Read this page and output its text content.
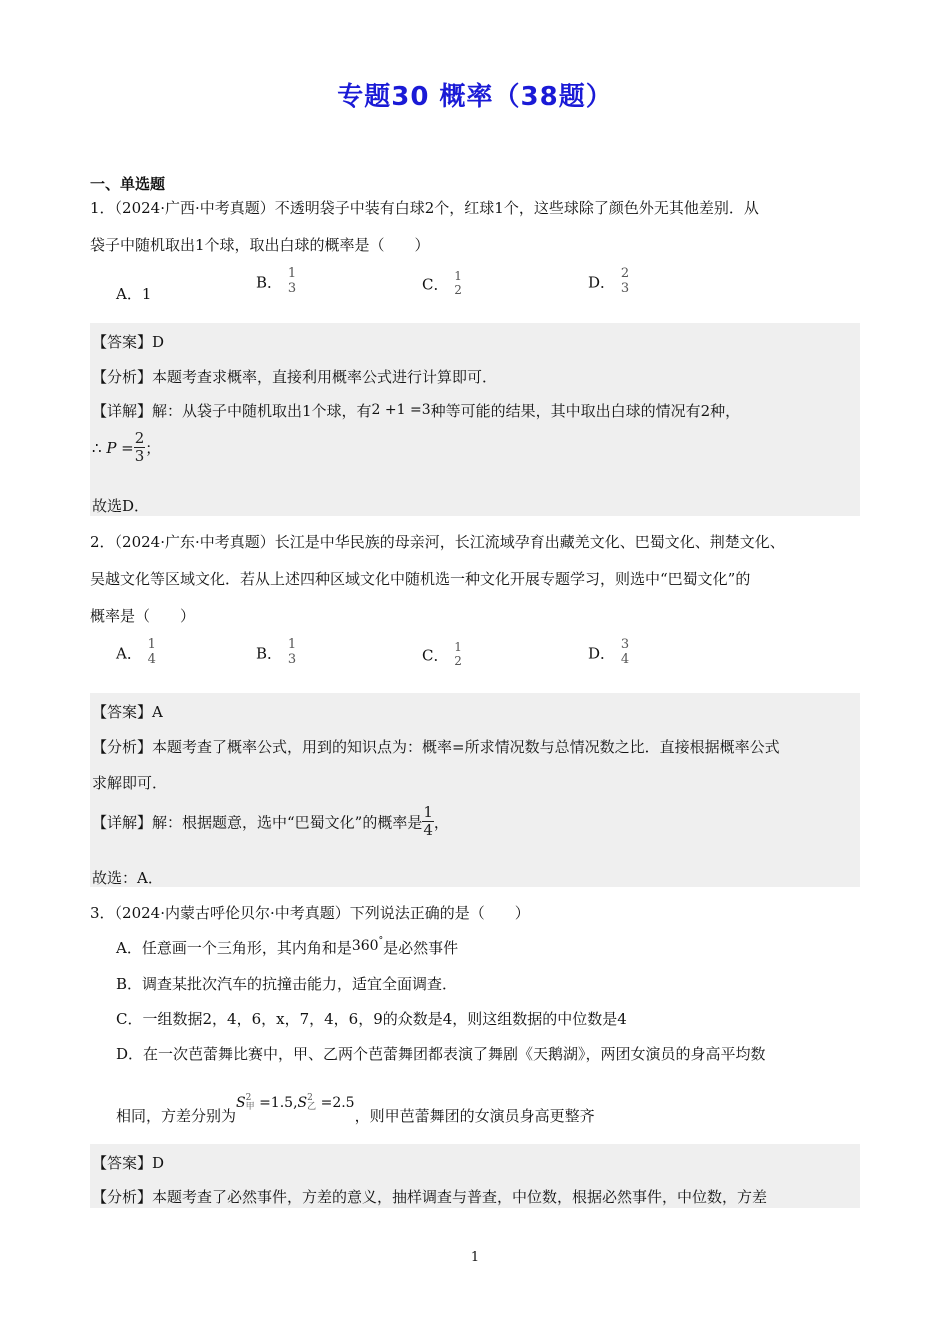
专题30 概率（38题）
一、单选题
1．（2024·广西·中考真题）不透明袋子中装有白球2个，红球1个，这些球除了颜色外无其他差别．从
袋子中随机取出1个球，取出白球的概率是（　　）
A．1
B． 1
3	C． 1
2	D． 2
3
【答案】D
【分析】本题考查求概率，直接利用概率公式进行计算即可．
【详解】解：从袋子中随机取出1个球，有2 +1 =3种等可能的结果，其中取出白球的情况有2种，
∴ $P = \frac{2}{3}$ ；
故选D．
2．（2024·广东·中考真题）长江是中华民族的母亲河，长江流域孕育出藏羌文化、巴蜀文化、荆楚文化、
吴越文化等区域文化．若从上述四种区域文化中随机选一种文化开展专题学习，则选中“巴蜀文化”的
概率是（　　）
A． 1
4	B． 1
3	C． 1
2	D． 3
4
【答案】A
【分析】本题考查了概率公式，用到的知识点为：概率=所求情况数与总情况数之比．直接根据概率公式
求解即可．
【详解】解：根据题意，选中“巴蜀文化”的概率是 $\frac{1}{4}$ ，
故选：A．
3．（2024·内蒙古呼伦贝尔·中考真题）下列说法正确的是（　　）
A．任意画一个三角形，其内角和是360°是必然事件
B．调查某批次汽车的抗撞击能力，适宜全面调查．
C．一组数据2，4，6，x，7，4，6，9的众数是4，则这组数据的中位数是4
D．在一次芭蕾舞比赛中，甲、乙两个芭蕾舞团都表演了舞剧《天鹅湖》，两团女演员的身高平均数
相同，方差分别为S 2
甲 =1.5,S 2
乙 =2.5，则甲芭蕾舞团的女演员身高更整齐
【答案】D
【分析】本题考查了必然事件，方差的意义，抽样调查与普查，中位数，根据必然事件，中位数，方差
1
